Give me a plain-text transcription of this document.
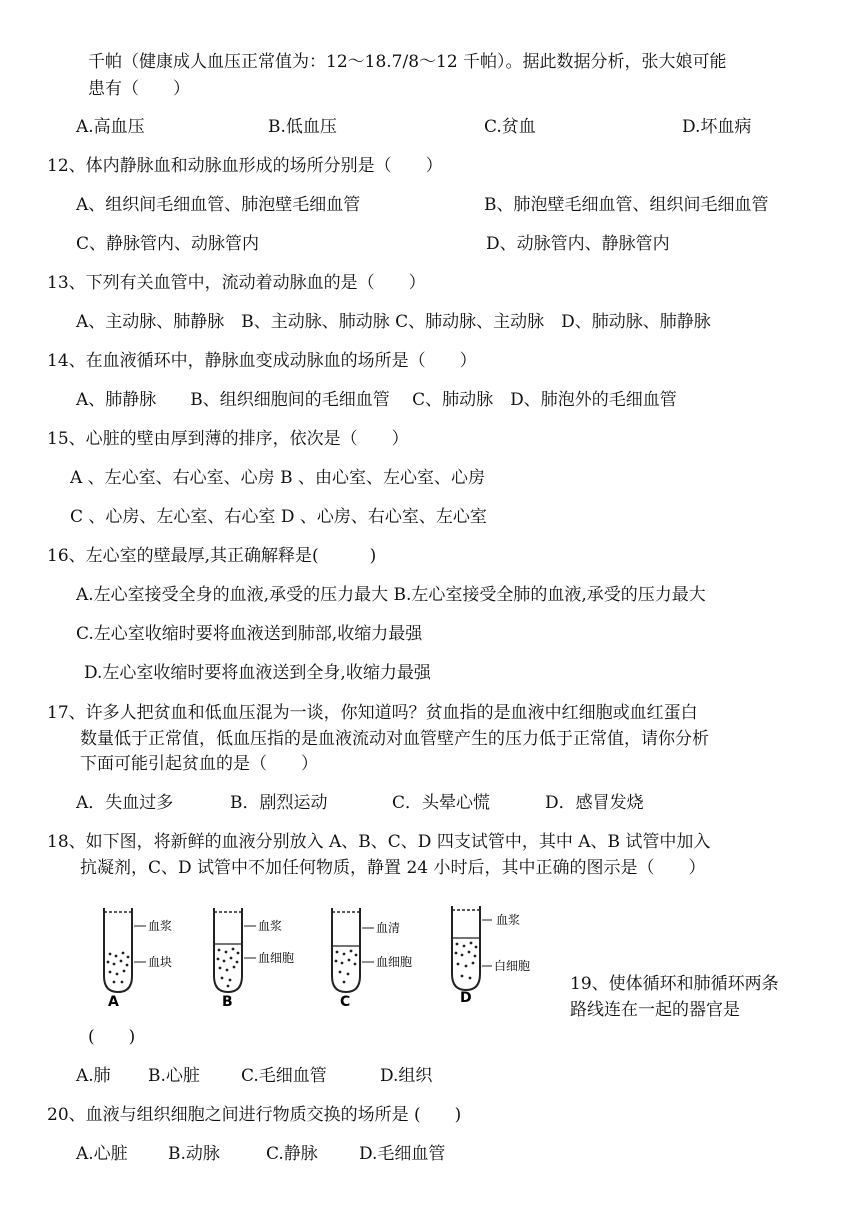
千帕（健康成人血压正常值为：12～18.7/8～12 千帕）。据此数据分析，张大娘可能
患有（　　）
A.高血压	B.低血压	C.贫血	D.坏血病
12、体内静脉血和动脉血形成的场所分别是（　　）
A、组织间毛细血管、肺泡壁毛细血管	B、肺泡壁毛细血管、组织间毛细血管
C、静脉管内、动脉管内	D、动脉管内、静脉管内
13、下列有关血管中，流动着动脉血的是（　　）
A、主动脉、肺静脉　B、主动脉、肺动脉 C、肺动脉、主动脉　D、肺动脉、肺静脉
14、在血液循环中，静脉血变成动脉血的场所是（　　）
A、肺静脉　　B、组织细胞间的毛细血管　 C、肺动脉　D、肺泡外的毛细血管
15、心脏的壁由厚到薄的排序，依次是（　　）
A 、左心室、右心室、心房 B 、由心室、左心室、心房
C 、心房、左心室、右心室 D 、心房、右心室、左心室
16、左心室的壁最厚,其正确解释是(　　　)
A.左心室接受全身的血液,承受的压力最大 B.左心室接受全肺的血液,承受的压力最大
C.左心室收缩时要将血液送到肺部,收缩力最强
D.左心室收缩时要将血液送到全身,收缩力最强
17、许多人把贫血和低血压混为一谈，你知道吗？贫血指的是血液中红细胞或血红蛋白
数量低于正常值，低血压指的是血液流动对血管壁产生的压力低于正常值，请你分析
下面可能引起贫血的是（　　）
A．失血过多	B．剧烈运动	C．头晕心慌	D．感冒发烧
18、如下图，将新鲜的血液分别放入 A、B、C、D 四支试管中，其中 A、B 试管中加入
抗凝剂，C、D 试管中不加任何物质，静置 24 小时后，其中正确的图示是（　　）
血浆
血块
A
血浆
血细胞
B
血清
血细胞
C
血浆
白细胞
D
19、使体循环和肺循环两条
路线连在一起的器官是
(　　)
A.肺 B.心脏 C.毛细血管	D.组织
20、血液与组织细胞之间进行物质交换的场所是 (　　)
A.心脏 B.动脉	C.静脉 D.毛细血管
